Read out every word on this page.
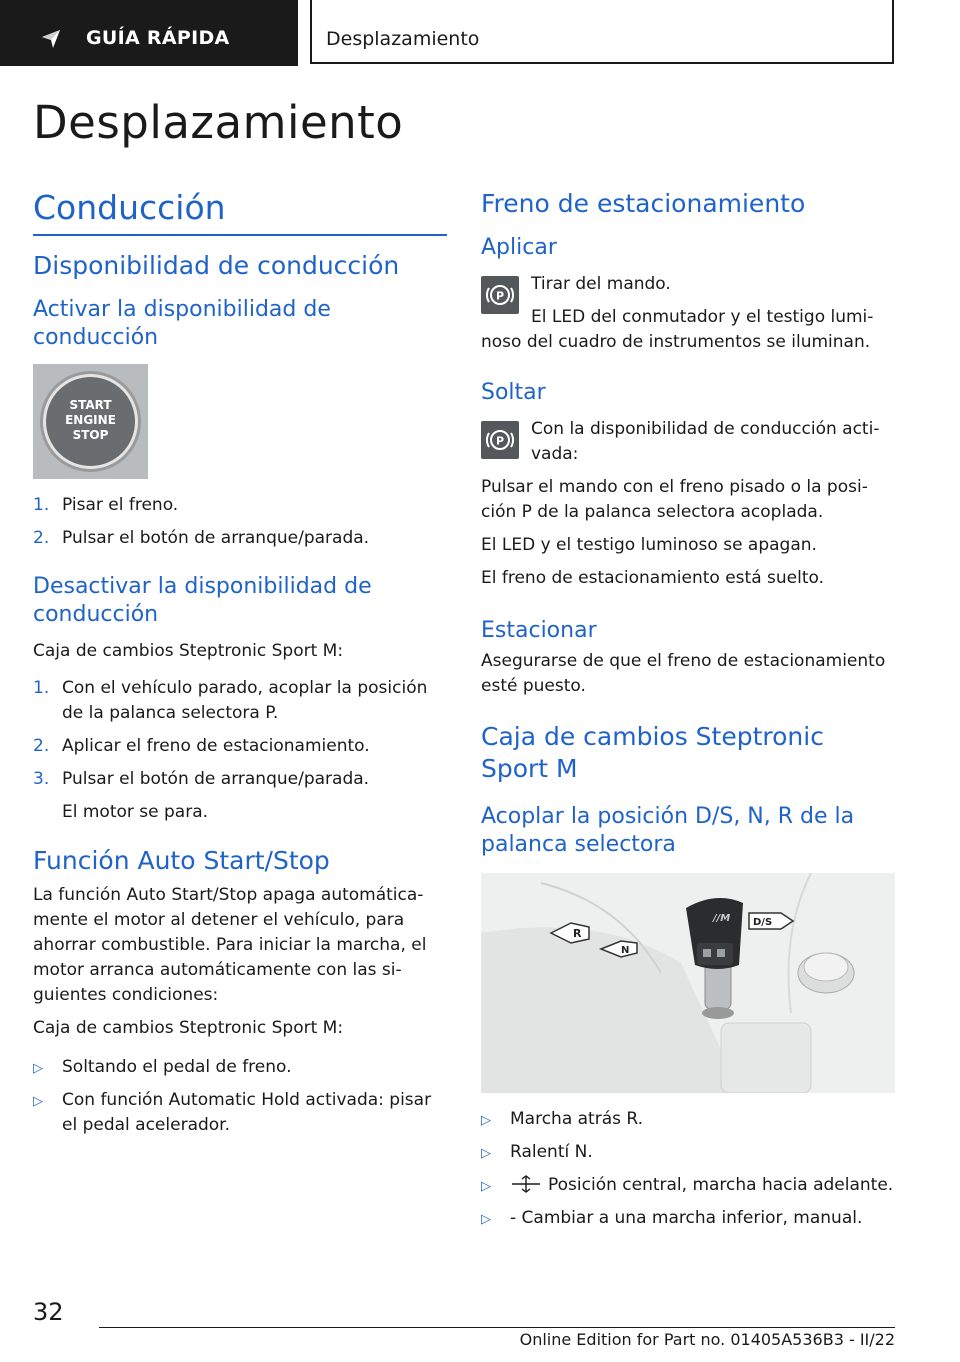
GUÍA RÁPIDA	Desplazamiento
Desplazamiento
Conducción
Disponibilidad de conducción
Activar la disponibilidad de conducción
START
ENGINE
STOP
1. Pisar el freno.
2. Pulsar el botón de arranque/parada.
Desactivar la disponibilidad de conducción

Caja de cambios Steptronic Sport M:

1. Con el vehículo parado, acoplar la posición de la palanca selectora P.
2. Aplicar el freno de estacionamiento.
3. Pulsar el botón de arranque/parada.

El motor se para.

Función Auto Start/Stop

La función Auto Start/Stop apaga automáticamente el motor al detener el vehículo, para ahorrar combustible. Para iniciar la marcha, el motor arranca automáticamente con las siguientes condiciones:

Caja de cambios Steptronic Sport M:

▷ Soltando el pedal de freno.
▷ Con función Automatic Hold activada: pisar el pedal acelerador.
Freno de estacionamiento
Aplicar
P

Tirar del mando.

El LED del conmutador y el testigo luminoso del cuadro de instrumentos se iluminan.

Soltar
P

Con la disponibilidad de conducción activada:

Pulsar el mando con el freno pisado o la posición P de la palanca selectora acoplada.

El LED y el testigo luminoso se apagan.

El freno de estacionamiento está suelto.

Estacionar

Asegurarse de que el freno de estacionamiento esté puesto.

Caja de cambios Steptronic Sport M
Acoplar la posición D/S, N, R de la palanca selectora
R
N
D/S
//M
▷ Marcha atrás R.
▷ Ralentí N.
▷	Posición central, marcha hacia adelante.
▷ - Cambiar a una marcha inferior, manual.
32
Online Edition for Part no. 01405A536B3 - II/22
